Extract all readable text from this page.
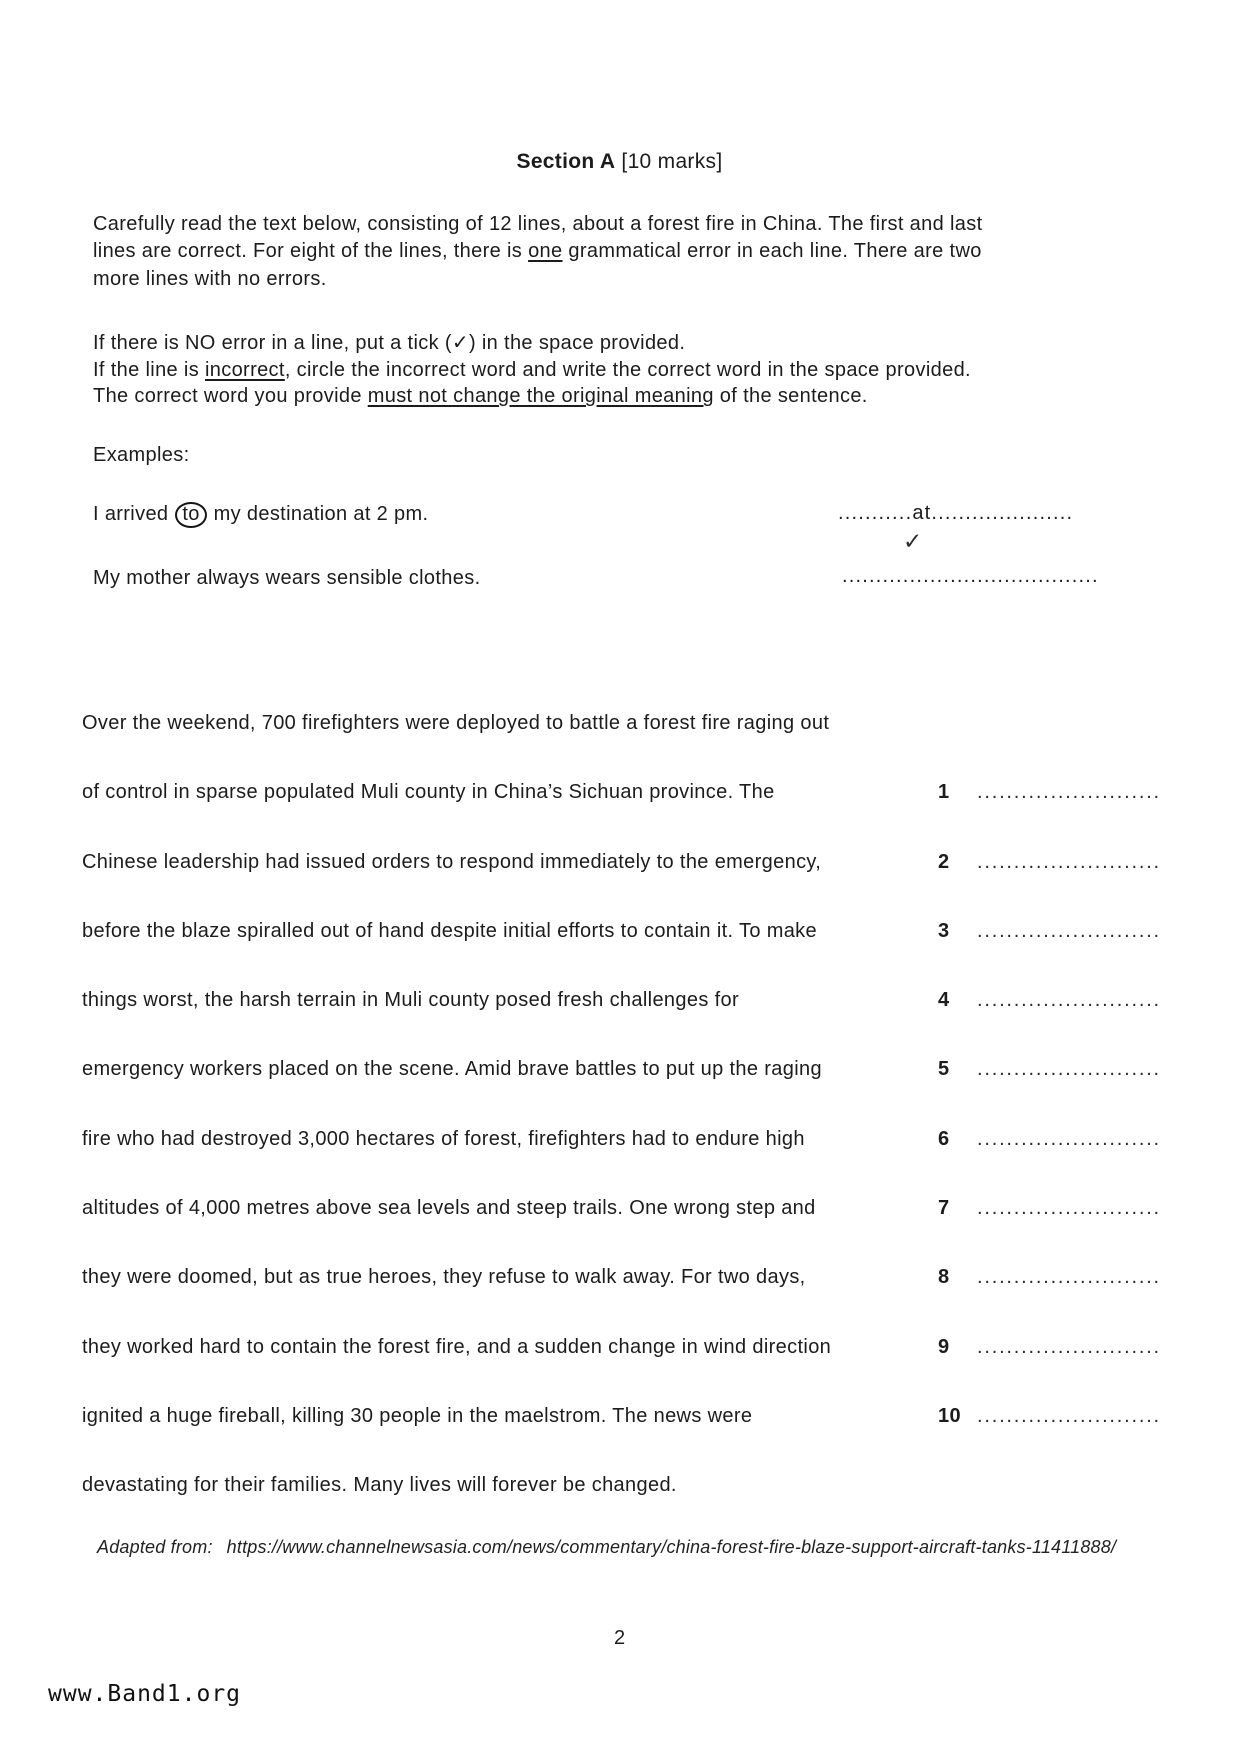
Section A [10 marks]
Carefully read the text below, consisting of 12 lines, about a forest fire in China. The first and last
lines are correct. For eight of the lines, there is one grammatical error in each line. There are two
more lines with no errors.
If there is NO error in a line, put a tick (✓) in the space provided.
If the line is incorrect, circle the incorrect word and write the correct word in the space provided.
The correct word you provide must not change the original meaning of the sentence.
Examples:
I arrived to my destination at 2 pm.	...........at.....................
✓
My mother always wears sensible clothes.	......................................
Over the weekend, 700 firefighters were deployed to battle a forest fire raging out
of control in sparse populated Muli county in China’s Sichuan province. The	1 .........................
Chinese leadership had issued orders to respond immediately to the emergency,	2 .........................
before the blaze spiralled out of hand despite initial efforts to contain it. To make	3 .........................
things worst, the harsh terrain in Muli county posed fresh challenges for	4 .........................
emergency workers placed on the scene. Amid brave battles to put up the raging	5 .........................
fire who had destroyed 3,000 hectares of forest, firefighters had to endure high	6 .........................
altitudes of 4,000 metres above sea levels and steep trails. One wrong step and	7 .........................
they were doomed, but as true heroes, they refuse to walk away. For two days,	8 .........................
they worked hard to contain the forest fire, and a sudden change in wind direction	9 .........................
ignited a huge fireball, killing 30 people in the maelstrom. The news were	10 .........................
devastating for their families. Many lives will forever be changed.
Adapted from: https://www.channelnewsasia.com/news/commentary/china-forest-fire-blaze-support-aircraft-tanks-11411888/
2
www.Band1.org
